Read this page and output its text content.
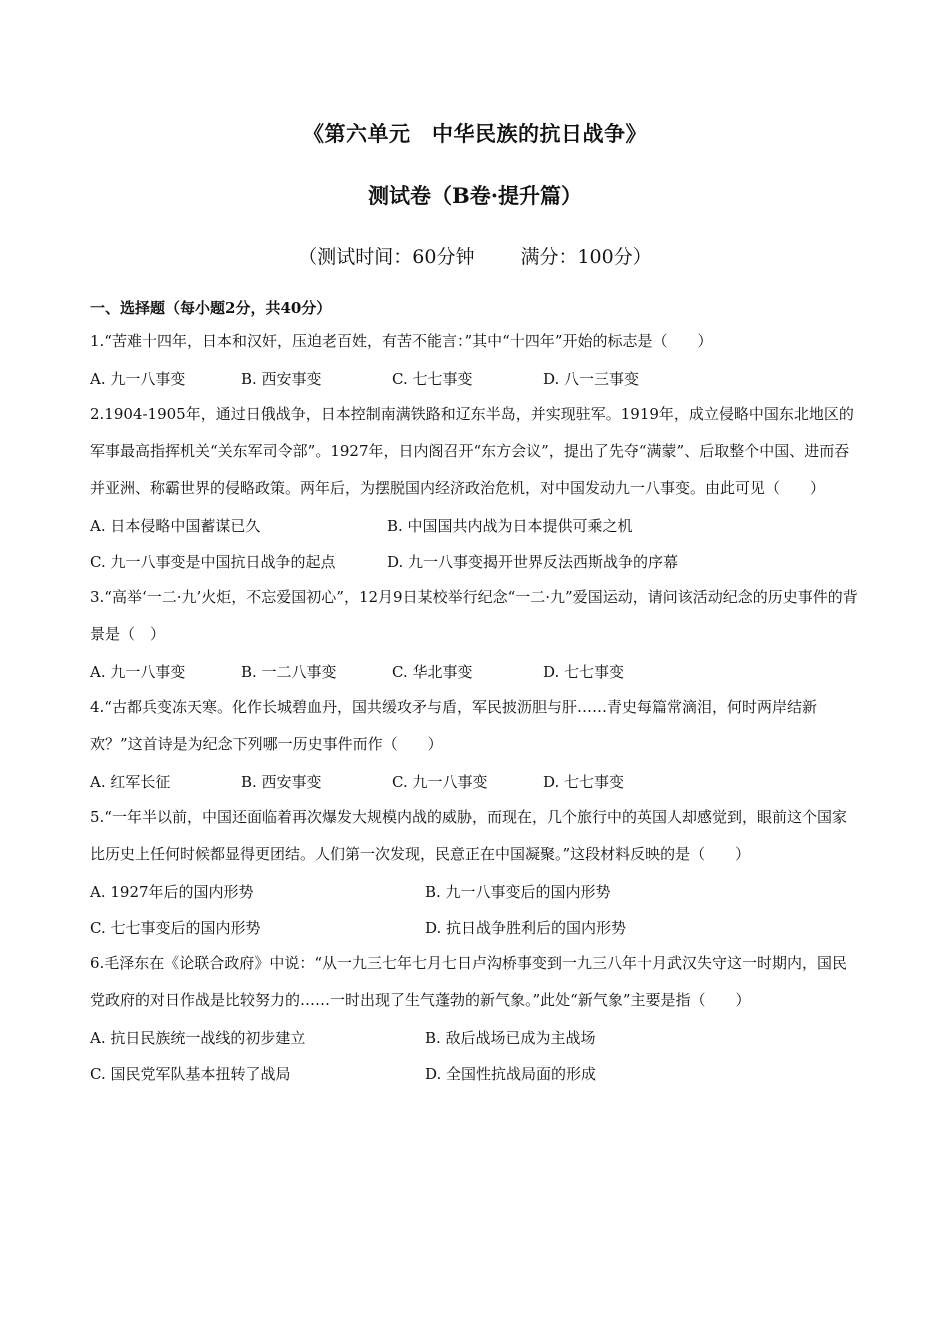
《第六单元　中华民族的抗日战争》
测试卷（B卷·提升篇）
（测试时间：60分钟 满分：100分）
一、选择题（每小题2分，共40分）

1.“苦难十四年，日本和汉奸，压迫老百姓，有苦不能言：”其中“十四年”开始的标志是（　　）

A. 九一八事变	B. 西安事变	C. 七七事变	D. 八一三事变

2.1904-1905年，通过日俄战争，日本控制南满铁路和辽东半岛，并实现驻军。1919年，成立侵略中国东北地区的军事最高指挥机关“关东军司令部”。1927年，日内阁召开“东方会议”，提出了先夺“满蒙”、后取整个中国、进而吞并亚洲、称霸世界的侵略政策。两年后，为摆脱国内经济政治危机，对中国发动九一八事变。由此可见（　　）

A. 日本侵略中国蓄谋已久	B. 中国国共内战为日本提供可乘之机
C. 九一八事变是中国抗日战争的起点	D. 九一八事变揭开世界反法西斯战争的序幕

3.“高举‘一二·九’火炬，不忘爱国初心”，12月9日某校举行纪念“一二·九”爱国运动，请问该活动纪念的历史事件的背景是（　）

A. 九一八事变	B. 一二八事变	C. 华北事变	D. 七七事变

4.“古都兵变冻天寒。化作长城碧血丹，国共缓攻矛与盾，军民披沥胆与肝……青史每篇常滴泪，何时两岸结新欢？”这首诗是为纪念下列哪一历史事件而作（　　）

A. 红军长征	B. 西安事变	C. 九一八事变	D. 七七事变

5.“一年半以前，中国还面临着再次爆发大规模内战的威胁，而现在，几个旅行中的英国人却感觉到，眼前这个国家比历史上任何时候都显得更团结。人们第一次发现，民意正在中国凝聚。”这段材料反映的是（　　）

A. 1927年后的国内形势	B. 九一八事变后的国内形势
C. 七七事变后的国内形势	D. 抗日战争胜利后的国内形势

6.毛泽东在《论联合政府》中说：“从一九三七年七月七日卢沟桥事变到一九三八年十月武汉失守这一时期内，国民党政府的对日作战是比较努力的……一时出现了生气蓬勃的新气象。”此处“新气象”主要是指（　　）

A. 抗日民族统一战线的初步建立	B. 敌后战场已成为主战场
C. 国民党军队基本扭转了战局	D. 全国性抗战局面的形成
